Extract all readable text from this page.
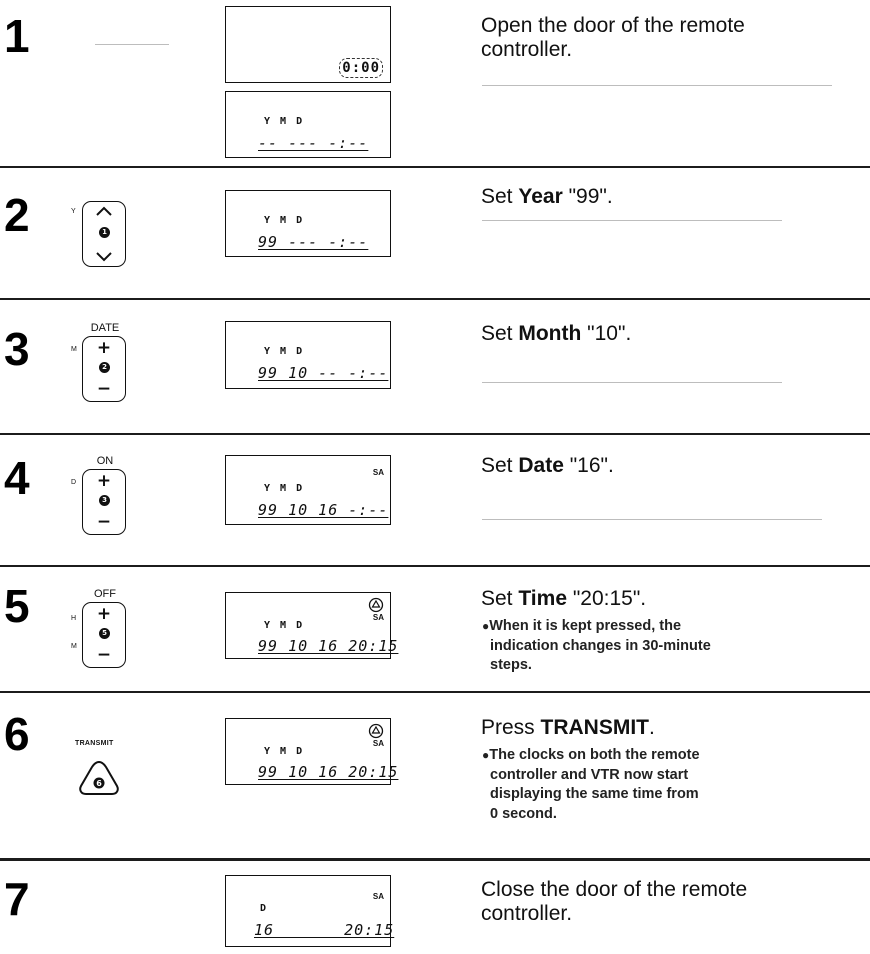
1
0:00
Y M D
-- --- -:--
Open the door of the remote
controller.
2	Y
1
Y M D
99 --- -:--
Set Year "99".
3	DATE
M	+
2
−
Y M D
99 10 -- -:--
Set Month "10".
4	ON
D	+
3
−
SA
Y M D
99 10 16 -:--
Set Date "16".
5	OFF
H
M
+
5
−
SA
Y M D
99 10 16 20:15
Set Time "20:15".
●When it is kept pressed, the
indication changes in 30-minute
steps.
6	TRANSMIT
6
SA
Y M D
99 10 16 20:15
Press TRANSMIT.
●The clocks on both the remote
controller and VTR now start
displaying the same time from
0 second.
7	SA
D
16 20:15
Close the door of the remote
controller.
